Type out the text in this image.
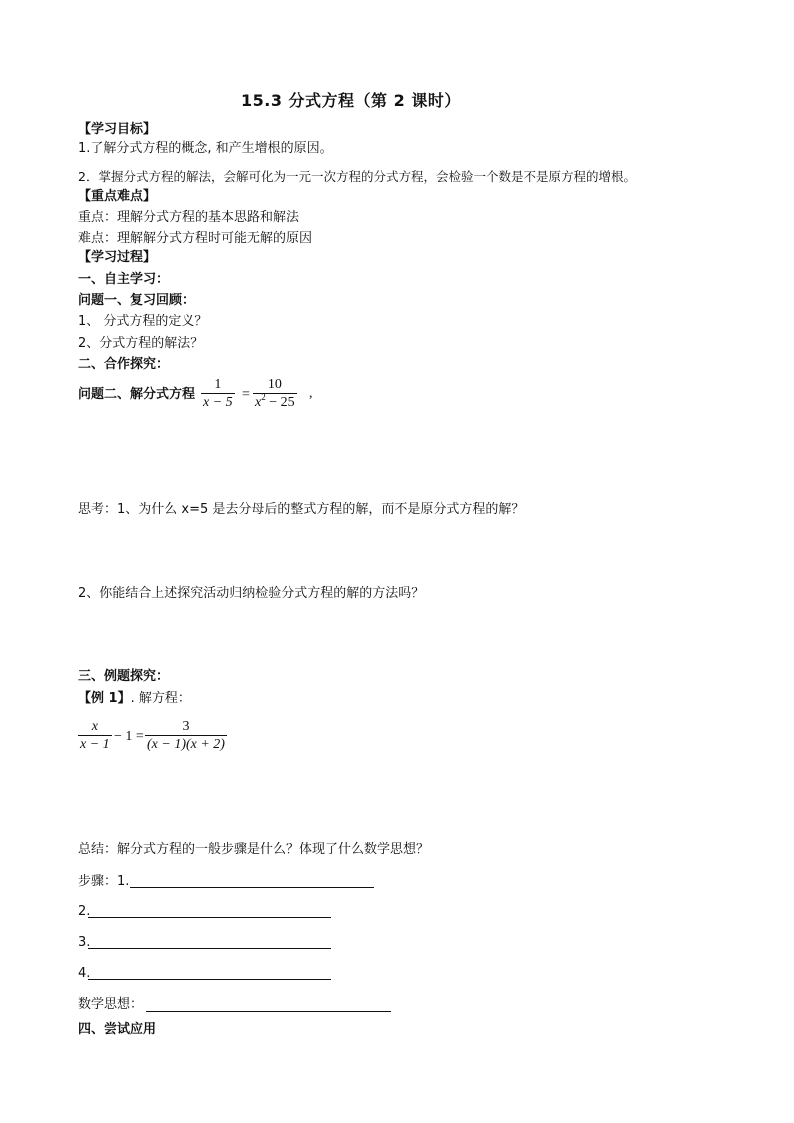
15.3 分式方程（第 2 课时）
【学习目标】
1.了解分式方程的概念, 和产生增根的原因。
2．掌握分式方程的解法，会解可化为一元一次方程的分式方程，会检验一个数是不是原方程的增根。
【重点难点】
重点：理解分式方程的基本思路和解法
难点：理解解分式方程时可能无解的原因
【学习过程】
一、自主学习：
问题一、复习回顾：
1、 分式方程的定义？
2、分式方程的解法？
二、合作探究：
问题二、解分式方程
1
x − 5
=
10
$x^2 - 25$
,
思考：1、为什么 x=5 是去分母后的整式方程的解，而不是原分式方程的解？
2、你能结合上述探究活动归纳检验分式方程的解的方法吗？
三、例题探究：
【例 1】. 解方程：
x
x − 1
− 1 =
3
(x − 1)(x + 2)
总结：解分式方程的一般步骤是什么？体现了什么数学思想？
步骤：1.
2.
3.
4.
数学思想：
四、尝试应用
